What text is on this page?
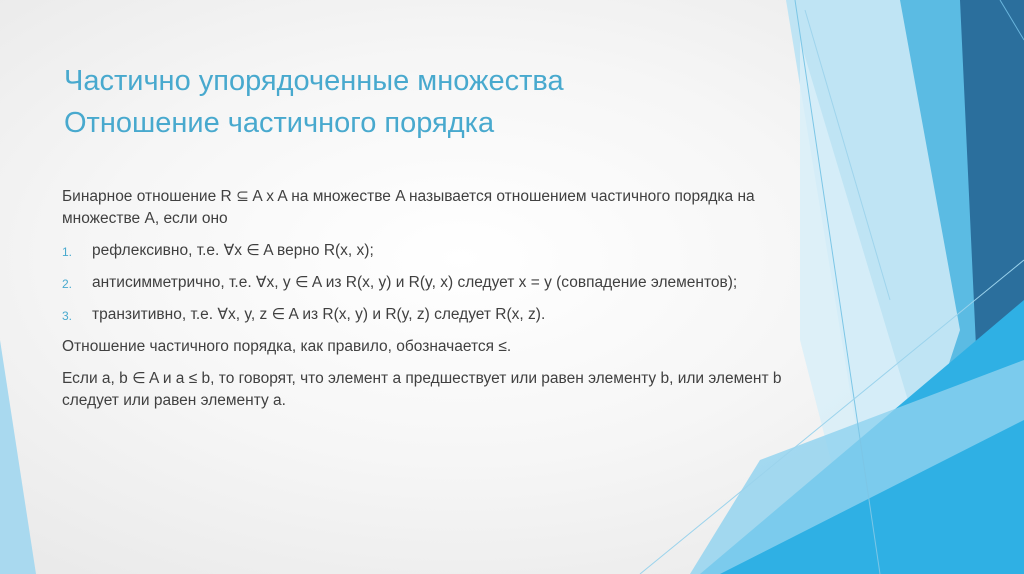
Частично упорядоченные множества
Отношение частичного порядка

Бинарное отношение R ⊆ A x A на множестве A называется отношением частичного порядка на множестве A, если оно

1. рефлексивно, т.е. ∀x ∈ A верно R(x, x);
2. антисимметрично, т.е. ∀x, y ∈ A из R(x, y) и R(y, x) следует x = y (совпадение элементов);
3. транзитивно, т.е. ∀x, y, z ∈ A из R(x, y) и R(y, z) следует R(x, z).

Отношение частичного порядка, как правило, обозначается ≤.

Если a, b ∈ A и a ≤ b, то говорят, что элемент a предшествует или равен элементу b, или элемент b следует или равен элементу a.
